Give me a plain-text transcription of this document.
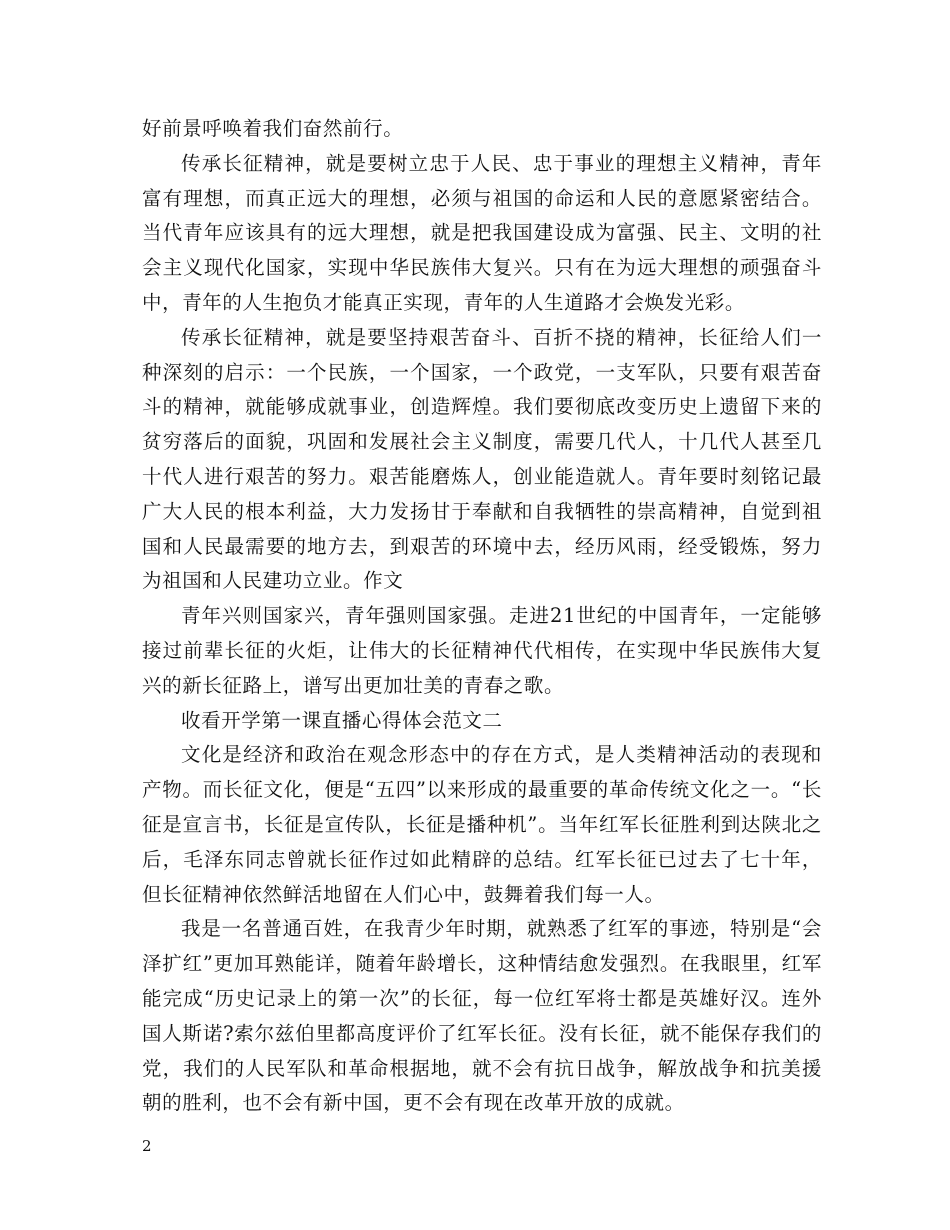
好前景呼唤着我们奋然前行。

传承长征精神，就是要树立忠于人民、忠于事业的理想主义精神，青年富有理想，而真正远大的理想，必须与祖国的命运和人民的意愿紧密结合。当代青年应该具有的远大理想，就是把我国建设成为富强、民主、文明的社会主义现代化国家，实现中华民族伟大复兴。只有在为远大理想的顽强奋斗中，青年的人生抱负才能真正实现，青年的人生道路才会焕发光彩。

传承长征精神，就是要坚持艰苦奋斗、百折不挠的精神，长征给人们一种深刻的启示：一个民族，一个国家，一个政党，一支军队，只要有艰苦奋斗的精神，就能够成就事业，创造辉煌。我们要彻底改变历史上遗留下来的贫穷落后的面貌，巩固和发展社会主义制度，需要几代人，十几代人甚至几十代人进行艰苦的努力。艰苦能磨炼人，创业能造就人。青年要时刻铭记最广大人民的根本利益，大力发扬甘于奉献和自我牺牲的崇高精神，自觉到祖国和人民最需要的地方去，到艰苦的环境中去，经历风雨，经受锻炼，努力为祖国和人民建功立业。作文

青年兴则国家兴，青年强则国家强。走进21世纪的中国青年，一定能够接过前辈长征的火炬，让伟大的长征精神代代相传，在实现中华民族伟大复兴的新长征路上，谱写出更加壮美的青春之歌。

收看开学第一课直播心得体会范文二

文化是经济和政治在观念形态中的存在方式，是人类精神活动的表现和产物。而长征文化，便是“五四”以来形成的最重要的革命传统文化之一。“长征是宣言书，长征是宣传队，长征是播种机”。当年红军长征胜利到达陕北之后，毛泽东同志曾就长征作过如此精辟的总结。红军长征已过去了七十年，但长征精神依然鲜活地留在人们心中，鼓舞着我们每一人。

我是一名普通百姓，在我青少年时期，就熟悉了红军的事迹，特别是“会泽扩红”更加耳熟能详，随着年龄增长，这种情结愈发强烈。在我眼里，红军能完成“历史记录上的第一次”的长征，每一位红军将士都是英雄好汉。连外国人斯诺?索尔兹伯里都高度评价了红军长征。没有长征，就不能保存我们的党，我们的人民军队和革命根据地，就不会有抗日战争，解放战争和抗美援朝的胜利，也不会有新中国，更不会有现在改革开放的成就。

2
